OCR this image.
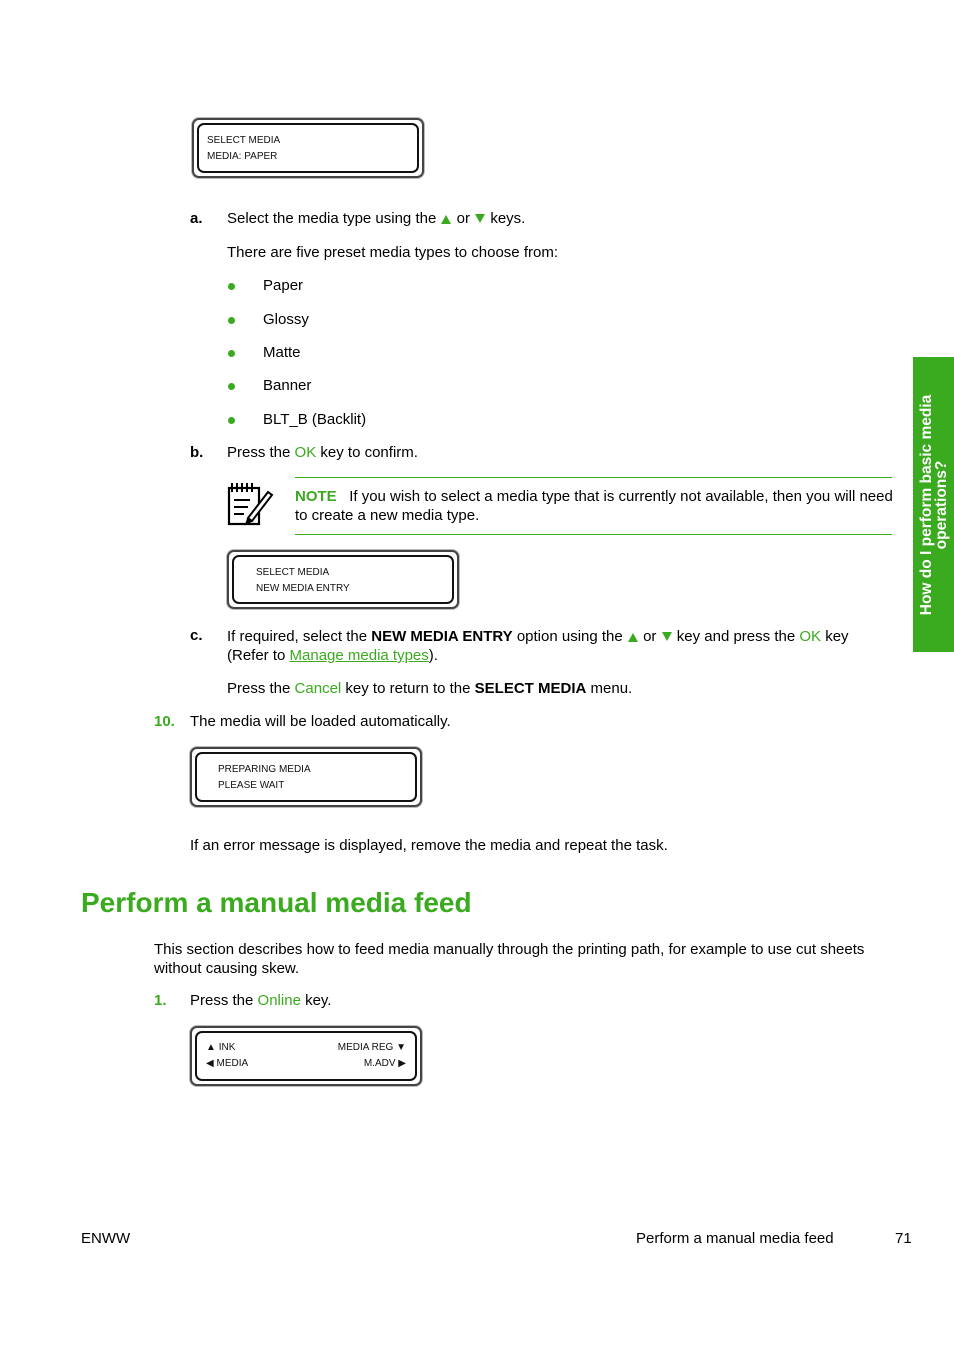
SELECT MEDIA
MEDIA: PAPER
a. Select the media type using the or keys.
There are five preset media types to choose from:
Paper
Glossy
Matte
Banner
BLT_B (Backlit)
b. Press the OK key to confirm.
NOTE If you wish to select a media type that is currently not available, then you will need to create a new media type.
SELECT MEDIA
NEW MEDIA ENTRY
c. If required, select the NEW MEDIA ENTRY option using the or key and press the OK key
(Refer to Manage media types).
Press the Cancel key to return to the SELECT MEDIA menu.
10. The media will be loaded automatically.
PREPARING MEDIA
PLEASE WAIT
If an error message is displayed, remove the media and repeat the task.
Perform a manual media feed
This section describes how to feed media manually through the printing path, for example to use cut sheets without causing skew.
1. Press the Online key.
▲ INK
◀ MEDIA
MEDIA REG ▼
M.ADV ▶
How do I perform basic media operations?
ENWW	Perform a manual media feed	71
